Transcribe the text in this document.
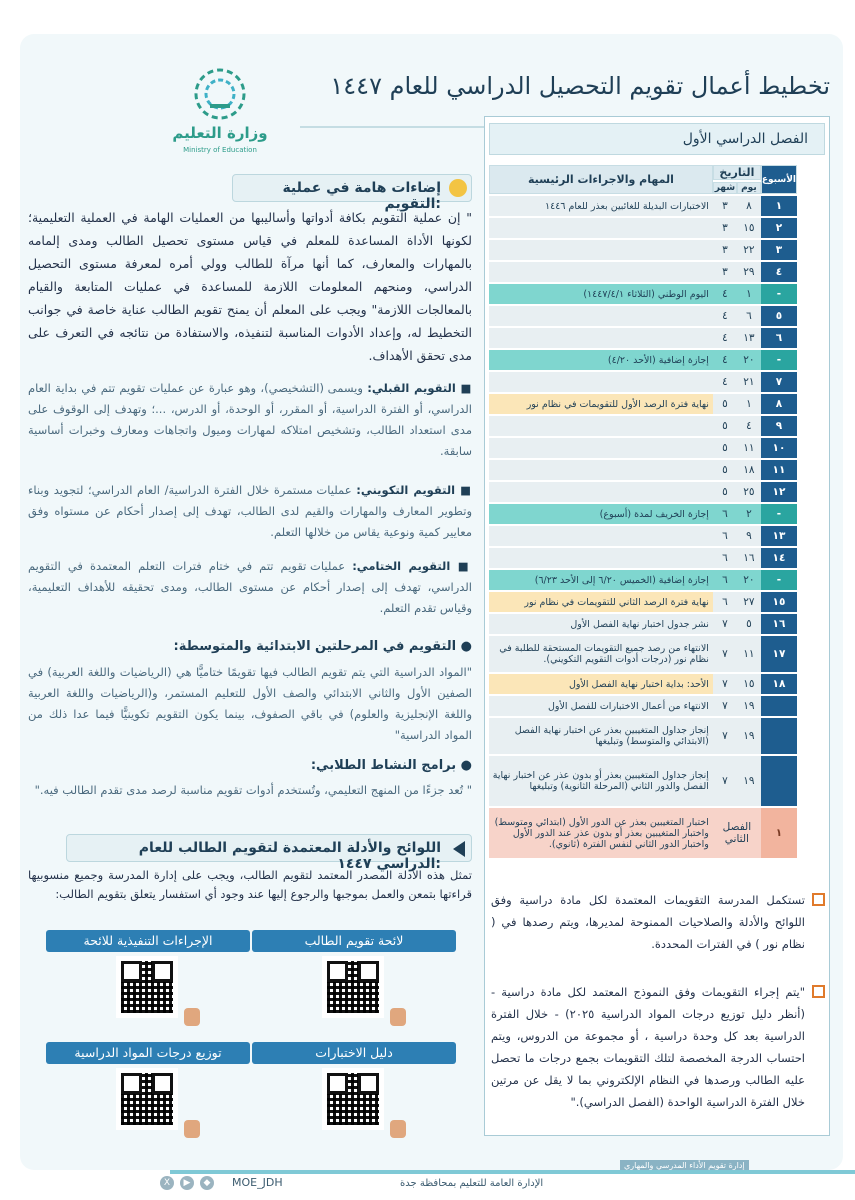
وزارة التعليم
Ministry of Education
تخطيط أعمال تقويم التحصيل الدراسي للعام ١٤٤٧
إضاءات هامة في عملية التقويم:
" إن عملية التقويم بكافة أدواتها وأساليبها من العمليات الهامة في العملية التعليمية؛ لكونها الأداة المساعدة للمعلم في قياس مستوى تحصيل الطالب ومدى إلمامه بالمهارات والمعارف، كما أنها مرآة للطالب وولي أمره لمعرفة مستوى التحصيل الدراسي، ومنحهم المعلومات اللازمة للمساعدة في عمليات المتابعة والقيام بالمعالجات اللازمة" ويجب على المعلم أن يمنح تقويم الطالب عناية خاصة في جوانب التخطيط له، وإعداد الأدوات المناسبة لتنفيذه، والاستفادة من نتائجه في التعرف على مدى تحقق الأهداف.
■ التقويم القبلي: ويسمى (التشخيصي)، وهو عبارة عن عمليات تقويم تتم في بداية العام الدراسي، أو الفترة الدراسية، أو المقرر، أو الوحدة، أو الدرس، ...؛ وتهدف إلى الوقوف على مدى استعداد الطالب، وتشخيص امتلاكه لمهارات وميول واتجاهات ومعارف وخبرات أساسية سابقة.
■ التقويم التكويني: عمليات مستمرة خلال الفترة الدراسية/ العام الدراسي؛ لتجويد وبناء وتطوير المعارف والمهارات والقيم لدى الطالب، تهدف إلى إصدار أحكام عن مستواه وفق معايير كمية ونوعية يقاس من خلالها التعلم.
■ التقويم الختامي: عمليات تقويم تتم في ختام فترات التعلم المعتمدة في التقويم الدراسي، تهدف إلى إصدار أحكام عن مستوى الطالب، ومدى تحقيقه للأهداف التعليمية، وقياس تقدم التعلم.
● التقويم في المرحلتين الابتدائية والمتوسطة:
"المواد الدراسية التي يتم تقويم الطالب فيها تقويمًا ختاميًّا هي (الرياضيات واللغة العربية) في الصفين الأول والثاني الابتدائي والصف الأول للتعليم المستمر، و(الرياضيات واللغة العربية واللغة الإنجليزية والعلوم) في باقي الصفوف، بينما يكون التقويم تكوينيًّا فيما عدا ذلك من المواد الدراسية"
● برامج النشاط الطلابي:
" تُعد جزءًا من المنهج التعليمي، وتُستخدم أدوات تقويم مناسبة لرصد مدى تقدم الطالب فيه."
اللوائح والأدلة المعتمدة لتقويم الطالب للعام الدراسي ١٤٤٧:
تمثل هذه الأدلة المصدر المعتمد لتقويم الطالب، ويجب على إدارة المدرسة وجميع منسوبيها قراءتها بتمعن والعمل بموجبها والرجوع إليها عند وجود أي استفسار يتعلق بتقويم الطالب:
لائحة تقويم الطالب
الإجراءات التنفيذية للائحة
دليل الاختبارات
توزيع درجات المواد الدراسية
الفصل الدراسي الأول
الأسبوع	التاريخ		المهام والاجراءات الرئيسية
	يوم	شهر	
١	٨	٣	الاختبارات البديلة للغائبين بعذر للعام ١٤٤٦
٢	١٥	٣	
٣	٢٢	٣	
٤	٢٩	٣	
-	١	٤	اليوم الوطني (الثلاثاء ١٤٤٧/٤/١)
٥	٦	٤	
٦	١٣	٤	
-	٢٠	٤	إجازة إضافية (الأحد ٤/٢٠)
٧	٢١	٤	
٨	١	٥	نهاية فترة الرصد الأول للتقويمات في نظام نور
٩	٤	٥	
١٠	١١	٥	
١١	١٨	٥	
١٢	٢٥	٥	
-	٢	٦	إجازة الخريف لمدة (أسبوع)
١٣	٩	٦	
١٤	١٦	٦	
-	٢٠	٦	إجازة إضافية (الخميس ٦/٢٠ إلى الأحد ٦/٢٣)
١٥	٢٧	٦	نهاية فترة الرصد الثاني للتقويمات في نظام نور
١٦	٥	٧	نشر جدول اختبار نهاية الفصل الأول
١٧	١١	٧	الانتهاء من رصد جميع التقويمات المستحقة للطلبة في نظام نور (درجات أدوات التقويم التكويني).
١٨	١٥	٧	الأحد: بداية اختبار نهاية الفصل الأول
	١٩	٧	الانتهاء من أعمال الاختبارات للفصل الأول
	١٩	٧	إنجاز جداول المتغيبين بعذر عن اختبار نهاية الفصل (الابتدائي والمتوسط) وتبليغها
	١٩	٧	إنجاز جداول المتغيبين بعذر أو بدون عذر عن اختبار نهاية الفصل والدور الثاني (المرحلة الثانوية) وتبليغها
١	الفصل الثاني		اختبار المتغيبين بعذر عن الدور الأول (ابتدائي ومتوسط) واختبار المتغيبين بعذر أو بدون عذر عند الدور الأول واختبار الدور الثاني لنفس الفترة (ثانوي).
تستكمل المدرسة التقويمات المعتمدة لكل مادة دراسية وفق اللوائح والأدلة والصلاحيات الممنوحة لمديرها، ويتم رصدها في ( نظام نور ) في الفترات المحددة.
"يتم إجراء التقويمات وفق النموذج المعتمد لكل مادة دراسية - (أنظر دليل توزيع درجات المواد الدراسية ٢٠٢٥) - خلال الفترة الدراسية بعد كل وحدة دراسية ، أو مجموعة من الدروس، ويتم احتساب الدرجة المخصصة لتلك التقويمات بجمع درجات ما تحصل عليه الطالب ورصدها في النظام الإلكتروني بما لا يقل عن مرتين خلال الفترة الدراسية الواحدة (الفصل الدراسي)."
إدارة تقويم الأداء المدرسي والمهاري
X	▶	◆	MOE_JDH	الإدارة العامة للتعليم بمحافظة جدة
